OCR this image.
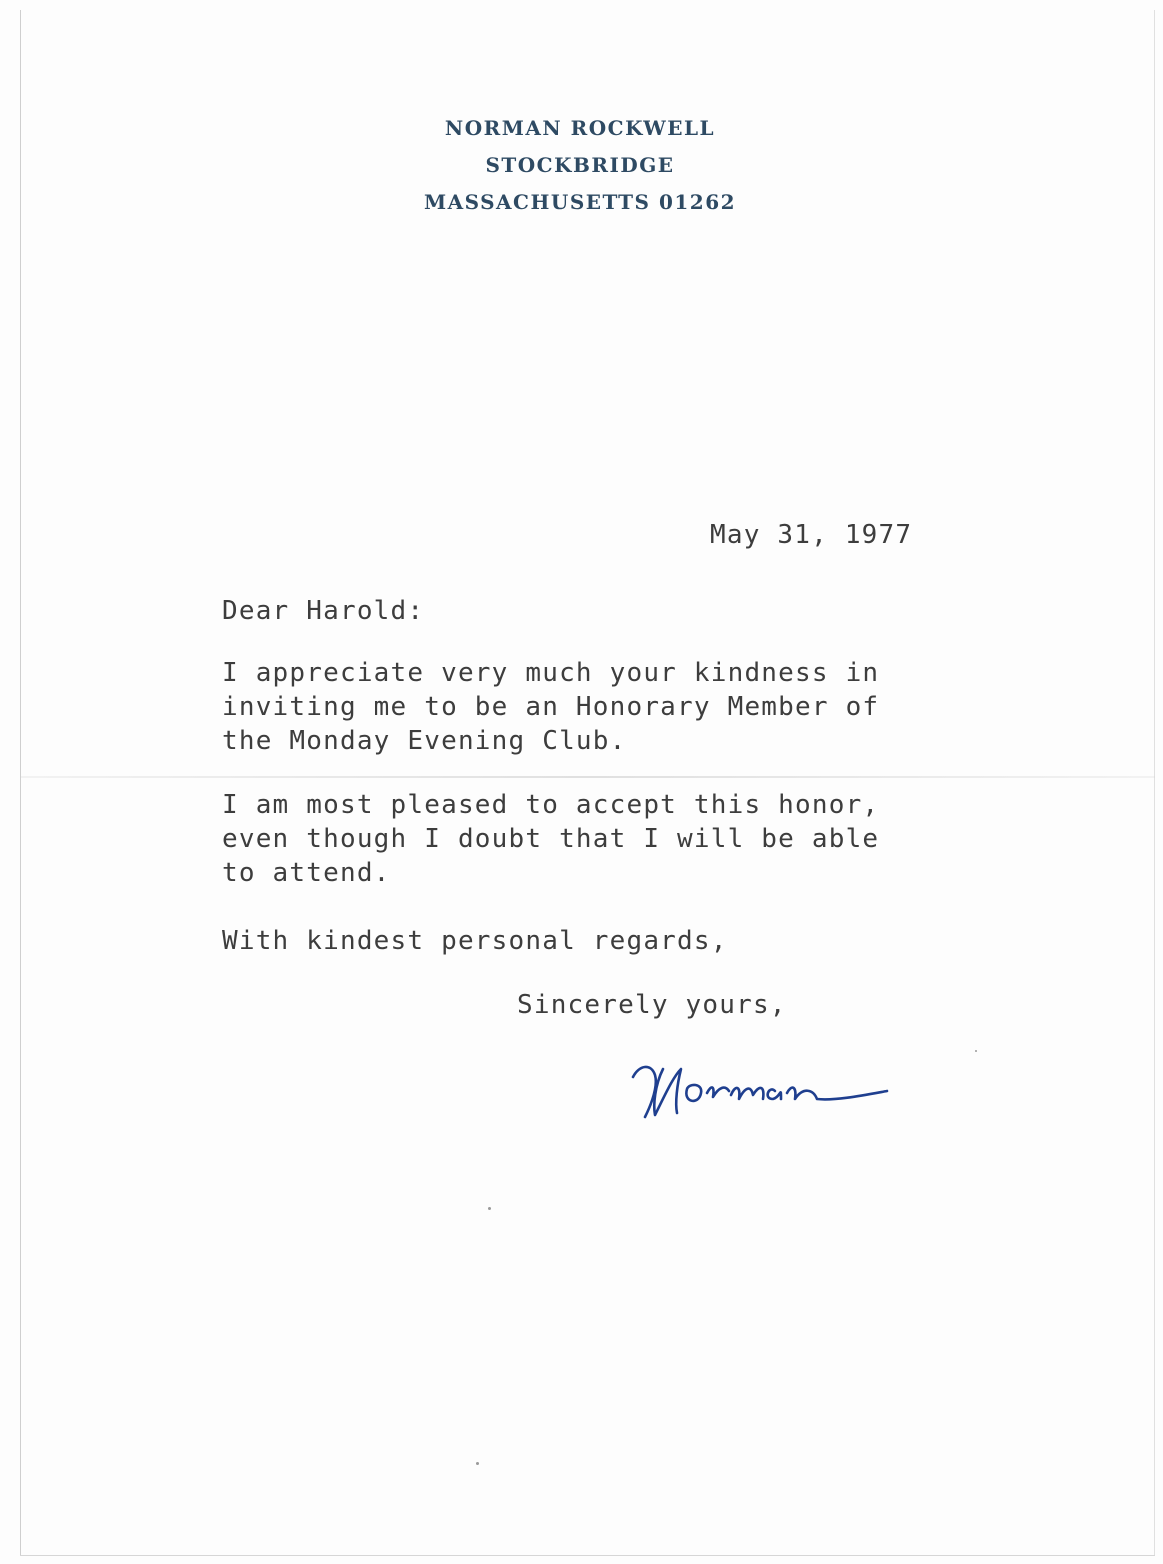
NORMAN ROCKWELL
STOCKBRIDGE
MASSACHUSETTS 01262
May 31, 1977
Dear Harold:
I appreciate very much your kindness in
inviting me to be an Honorary Member of
the Monday Evening Club.
I am most pleased to accept this honor,
even though I doubt that I will be able
to attend.
With kindest personal regards,
Sincerely yours,
